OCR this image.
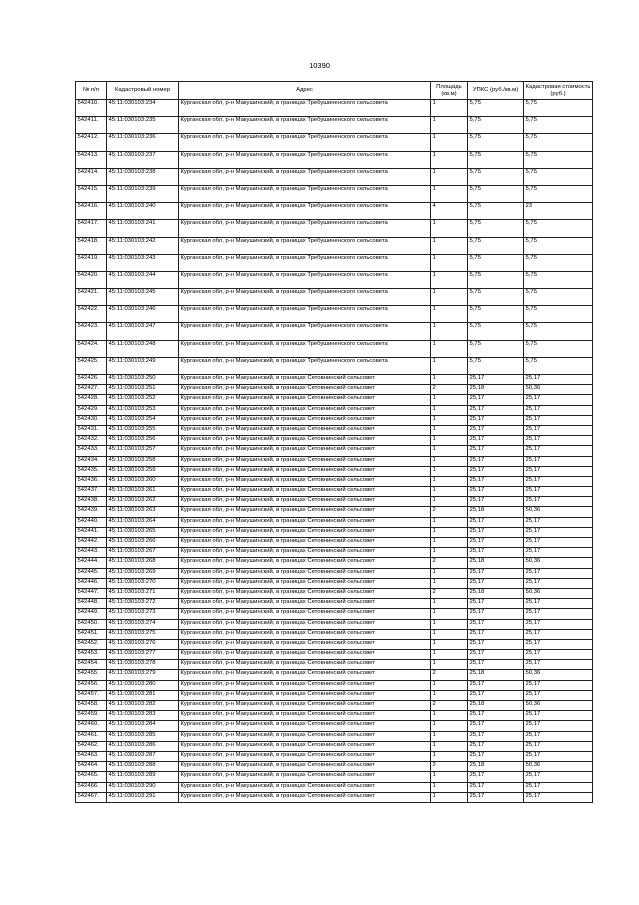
10390
№ п/п	Кадастровый номер	Адрес	Площадь (кв.м)	УПКС (руб./кв.м)	Кадастровая стоимость (руб.)
542410.	45:11:030103:234	Курганская обл, р-н Макушинский, в границах Требушиненского сельсовета	1	5,75	5,75
542411.	45:11:030103:235	Курганская обл, р-н Макушинский, в границах Требушиненского сельсовета	1	5,75	5,75
542412.	45:11:030103:236	Курганская обл, р-н Макушинский, в границах Требушиненского сельсовета	1	5,75	5,75
542413.	45:11:030103:237	Курганская обл, р-н Макушинский, в границах Требушиненского сельсовета	1	5,75	5,75
542414.	45:11:030103:238	Курганская обл, р-н Макушинский, в границах Требушиненского сельсовета	1	5,75	5,75
542415.	45:11:030103:239	Курганская обл, р-н Макушинский, в границах Требушиненского сельсовета	1	5,75	5,75
542416.	45:11:030103:240	Курганская обл, р-н Макушинский, в границах Требушиненского сельсовета	4	5,75	23
542417.	45:11:030103:241	Курганская обл, р-н Макушинский, в границах Требушиненского сельсовета	1	5,75	5,75
542418.	45:11:030103:242	Курганская обл, р-н Макушинский, в границах Требушиненского сельсовета	1	5,75	5,75
542419.	45:11:030103:243	Курганская обл, р-н Макушинский, в границах Требушиненского сельсовета	1	5,75	5,75
542420.	45:11:030103:244	Курганская обл, р-н Макушинский, в границах Требушиненского сельсовета	1	5,75	5,75
542421.	45:11:030103:245	Курганская обл, р-н Макушинский, в границах Требушиненского сельсовета	1	5,75	5,75
542422.	45:11:030103:246	Курганская обл, р-н Макушинский, в границах Требушиненского сельсовета	1	5,75	5,75
542423.	45:11:030103:247	Курганская обл, р-н Макушинский, в границах Требушиненского сельсовета	1	5,75	5,75
542424.	45:11:030103:248	Курганская обл, р-н Макушинский, в границах Требушиненского сельсовета	1	5,75	5,75
542425.	45:11:030103:249	Курганская обл, р-н Макушинский, в границах Требушиненского сельсовета	1	5,75	5,75
542426.	45:11:030103:250	Курганская обл, р-н Макушинский, в границах Сетовнинский сельсовет	1	25,17	25,17
542427.	45:11:030103:251	Курганская обл, р-н Макушинский, в границах Сетовнинский сельсовет	2	25,18	50,36
542428.	45:11:030103:252	Курганская обл, р-н Макушинский, в границах Сетовнинский сельсовет	1	25,17	25,17
542429.	45:11:030103:253	Курганская обл, р-н Макушинский, в границах Сетовнинский сельсовет	1	25,17	25,17
542430.	45:11:030103:254	Курганская обл, р-н Макушинский, в границах Сетовнинский сельсовет	1	25,17	25,17
542431.	45:11:030103:255	Курганская обл, р-н Макушинский, в границах Сетовнинский сельсовет	1	25,17	25,17
542432.	45:11:030103:256	Курганская обл, р-н Макушинский, в границах Сетовнинский сельсовет	1	25,17	25,17
542433.	45:11:030103:257	Курганская обл, р-н Макушинский, в границах Сетовнинский сельсовет	1	25,17	25,17
542434.	45:11:030103:258	Курганская обл, р-н Макушинский, в границах Сетовнинский сельсовет	1	25,17	25,17
542435.	45:11:030103:259	Курганская обл, р-н Макушинский, в границах Сетовнинский сельсовет	1	25,17	25,17
542436.	45:11:030103:260	Курганская обл, р-н Макушинский, в границах Сетовнинский сельсовет	1	25,17	25,17
542437.	45:11:030103:261	Курганская обл, р-н Макушинский, в границах Сетовнинский сельсовет	1	25,17	25,17
542438.	45:11:030103:262	Курганская обл, р-н Макушинский, в границах Сетовнинский сельсовет	1	25,17	25,17
542439.	45:11:030103:263	Курганская обл, р-н Макушинский, в границах Сетовнинский сельсовет	2	25,18	50,36
542440.	45:11:030103:264	Курганская обл, р-н Макушинский, в границах Сетовнинский сельсовет	1	25,17	25,17
542441.	45:11:030103:265	Курганская обл, р-н Макушинский, в границах Сетовнинский сельсовет	1	25,17	25,17
542442.	45:11:030103:266	Курганская обл, р-н Макушинский, в границах Сетовнинский сельсовет	1	25,17	25,17
542443.	45:11:030103:267	Курганская обл, р-н Макушинский, в границах Сетовнинский сельсовет	1	25,17	25,17
542444.	45:11:030103:268	Курганская обл, р-н Макушинский, в границах Сетовнинский сельсовет	2	25,18	50,36
542445.	45:11:030103:269	Курганская обл, р-н Макушинский, в границах Сетовнинский сельсовет	1	25,17	25,17
542446.	45:11:030103:270	Курганская обл, р-н Макушинский, в границах Сетовнинский сельсовет	1	25,17	25,17
542447.	45:11:030103:271	Курганская обл, р-н Макушинский, в границах Сетовнинский сельсовет	2	25,18	50,36
542448.	45:11:030103:272	Курганская обл, р-н Макушинский, в границах Сетовнинский сельсовет	1	25,17	25,17
542449.	45:11:030103:273	Курганская обл, р-н Макушинский, в границах Сетовнинский сельсовет	1	25,17	25,17
542450.	45:11:030103:274	Курганская обл, р-н Макушинский, в границах Сетовнинский сельсовет	1	25,17	25,17
542451.	45:11:030103:275	Курганская обл, р-н Макушинский, в границах Сетовнинский сельсовет	1	25,17	25,17
542452.	45:11:030103:276	Курганская обл, р-н Макушинский, в границах Сетовнинский сельсовет	1	25,17	25,17
542453.	45:11:030103:277	Курганская обл, р-н Макушинский, в границах Сетовнинский сельсовет	1	25,17	25,17
542454.	45:11:030103:278	Курганская обл, р-н Макушинский, в границах Сетовнинский сельсовет	1	25,17	25,17
542455.	45:11:030103:279	Курганская обл, р-н Макушинский, в границах Сетовнинский сельсовет	2	25,18	50,36
542456.	45:11:030103:280	Курганская обл, р-н Макушинский, в границах Сетовнинский сельсовет	1	25,17	25,17
542457.	45:11:030103:281	Курганская обл, р-н Макушинский, в границах Сетовнинский сельсовет	1	25,17	25,17
542458.	45:11:030103:282	Курганская обл, р-н Макушинский, в границах Сетовнинский сельсовет	2	25,18	50,36
542459.	45:11:030103:283	Курганская обл, р-н Макушинский, в границах Сетовнинский сельсовет	1	25,17	25,17
542460.	45:11:030103:284	Курганская обл, р-н Макушинский, в границах Сетовнинский сельсовет	1	25,17	25,17
542461.	45:11:030103:285	Курганская обл, р-н Макушинский, в границах Сетовнинский сельсовет	1	25,17	25,17
542462.	45:11:030103:286	Курганская обл, р-н Макушинский, в границах Сетовнинский сельсовет	1	25,17	25,17
542463.	45:11:030103:287	Курганская обл, р-н Макушинский, в границах Сетовнинский сельсовет	1	25,17	25,17
542464.	45:11:030103:288	Курганская обл, р-н Макушинский, в границах Сетовнинский сельсовет	2	25,18	50,36
542465.	45:11:030103:289	Курганская обл, р-н Макушинский, в границах Сетовнинский сельсовет	1	25,17	25,17
542466.	45:11:030103:290	Курганская обл, р-н Макушинский, в границах Сетовнинский сельсовет	1	25,17	25,17
542467.	45:11:030103:291	Курганская обл, р-н Макушинский, в границах Сетовнинский сельсовет	1	25,17	25,17
